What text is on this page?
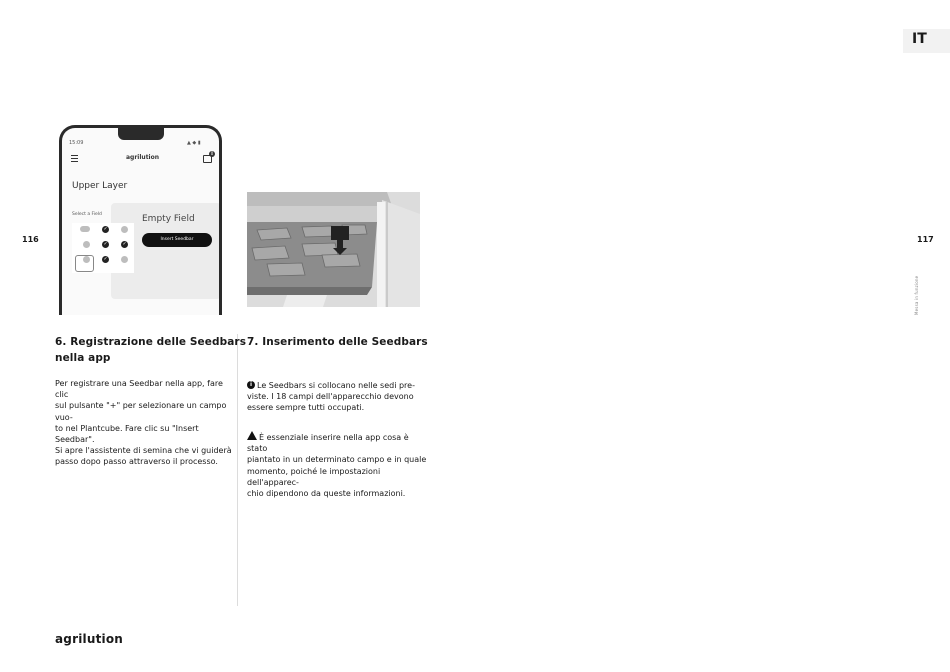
IT
116	117
Messa in funzione
15:09	▲ ◆ ▮
agrilution
0
Upper Layer
Select a Field
✓
✓
✓
✓	Empty Field
Insert Seedbar
6. Registrazione delle Seedbars
nella app

Per registrare una Seedbar nella app, fare clic
sul pulsante "+" per selezionare un campo vuo-
to nel Plantcube. Fare clic su "Insert Seedbar".
Si apre l'assistente di semina che vi guiderà
passo dopo passo attraverso il processo.

7. Inserimento delle Seedbars
i Le Seedbars si collocano nelle sedi pre-
viste. I 18 campi dell'apparecchio devono
essere sempre tutti occupati.

È essenziale inserire nella app cosa è stato
piantato in un determinato campo e in quale
momento, poiché le impostazioni dell'apparec-
chio dipendono da queste informazioni.

agrilution
